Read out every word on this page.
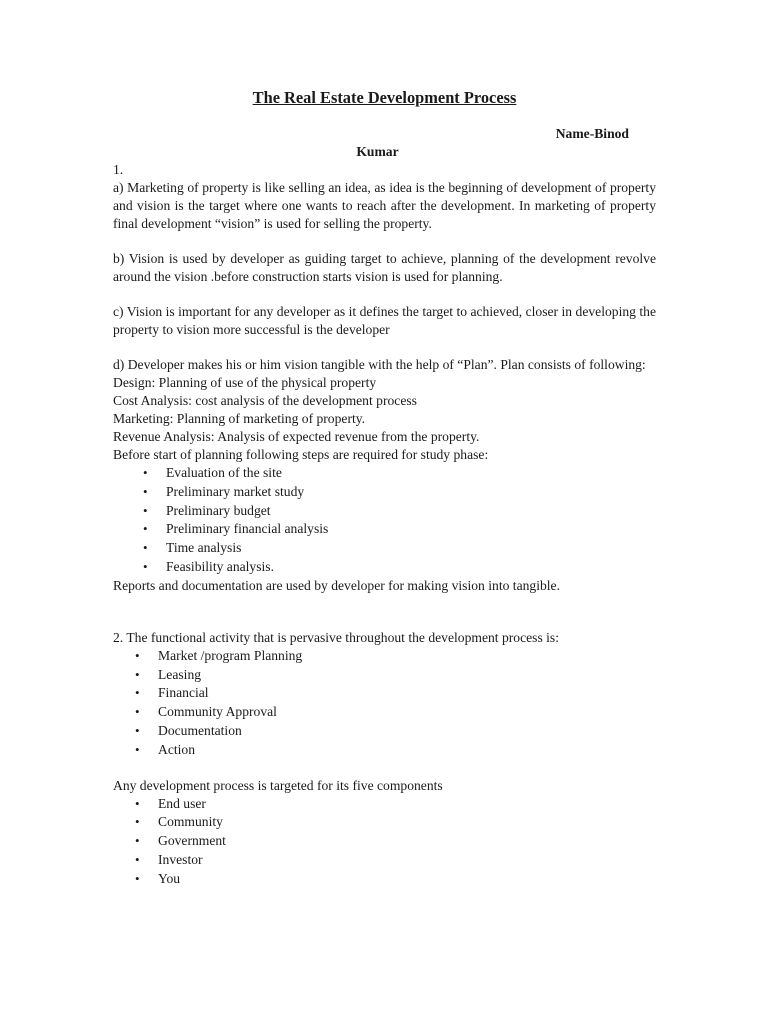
The Real Estate Development Process

Name-Binod

Kumar

1.

a) Marketing of property is like selling an idea, as idea is the beginning of development of property and vision is the target where one wants to reach after the development. In marketing of property final development “vision” is used for selling the property.

b) Vision is used by developer as guiding target to achieve, planning of the development revolve around the vision .before construction starts vision is used for planning.

c) Vision is important for any developer as it defines the target to achieved, closer in developing the property to vision more successful is the developer

d) Developer makes his or him vision tangible with the help of “Plan”. Plan consists of following:

Design: Planning of use of the physical property

Cost Analysis: cost analysis of the development process

Marketing: Planning of marketing of property.

Revenue Analysis: Analysis of expected revenue from the property.

Before start of planning following steps are required for study phase:

• Evaluation of the site
• Preliminary market study
• Preliminary budget
• Preliminary financial analysis
• Time analysis
• Feasibility analysis.

Reports and documentation are used by developer for making vision into tangible.

2. The functional activity that is pervasive throughout the development process is:

• Market /program Planning
• Leasing
• Financial
• Community Approval
• Documentation
• Action

Any development process is targeted for its five components

• End user
• Community
• Government
• Investor
• You
